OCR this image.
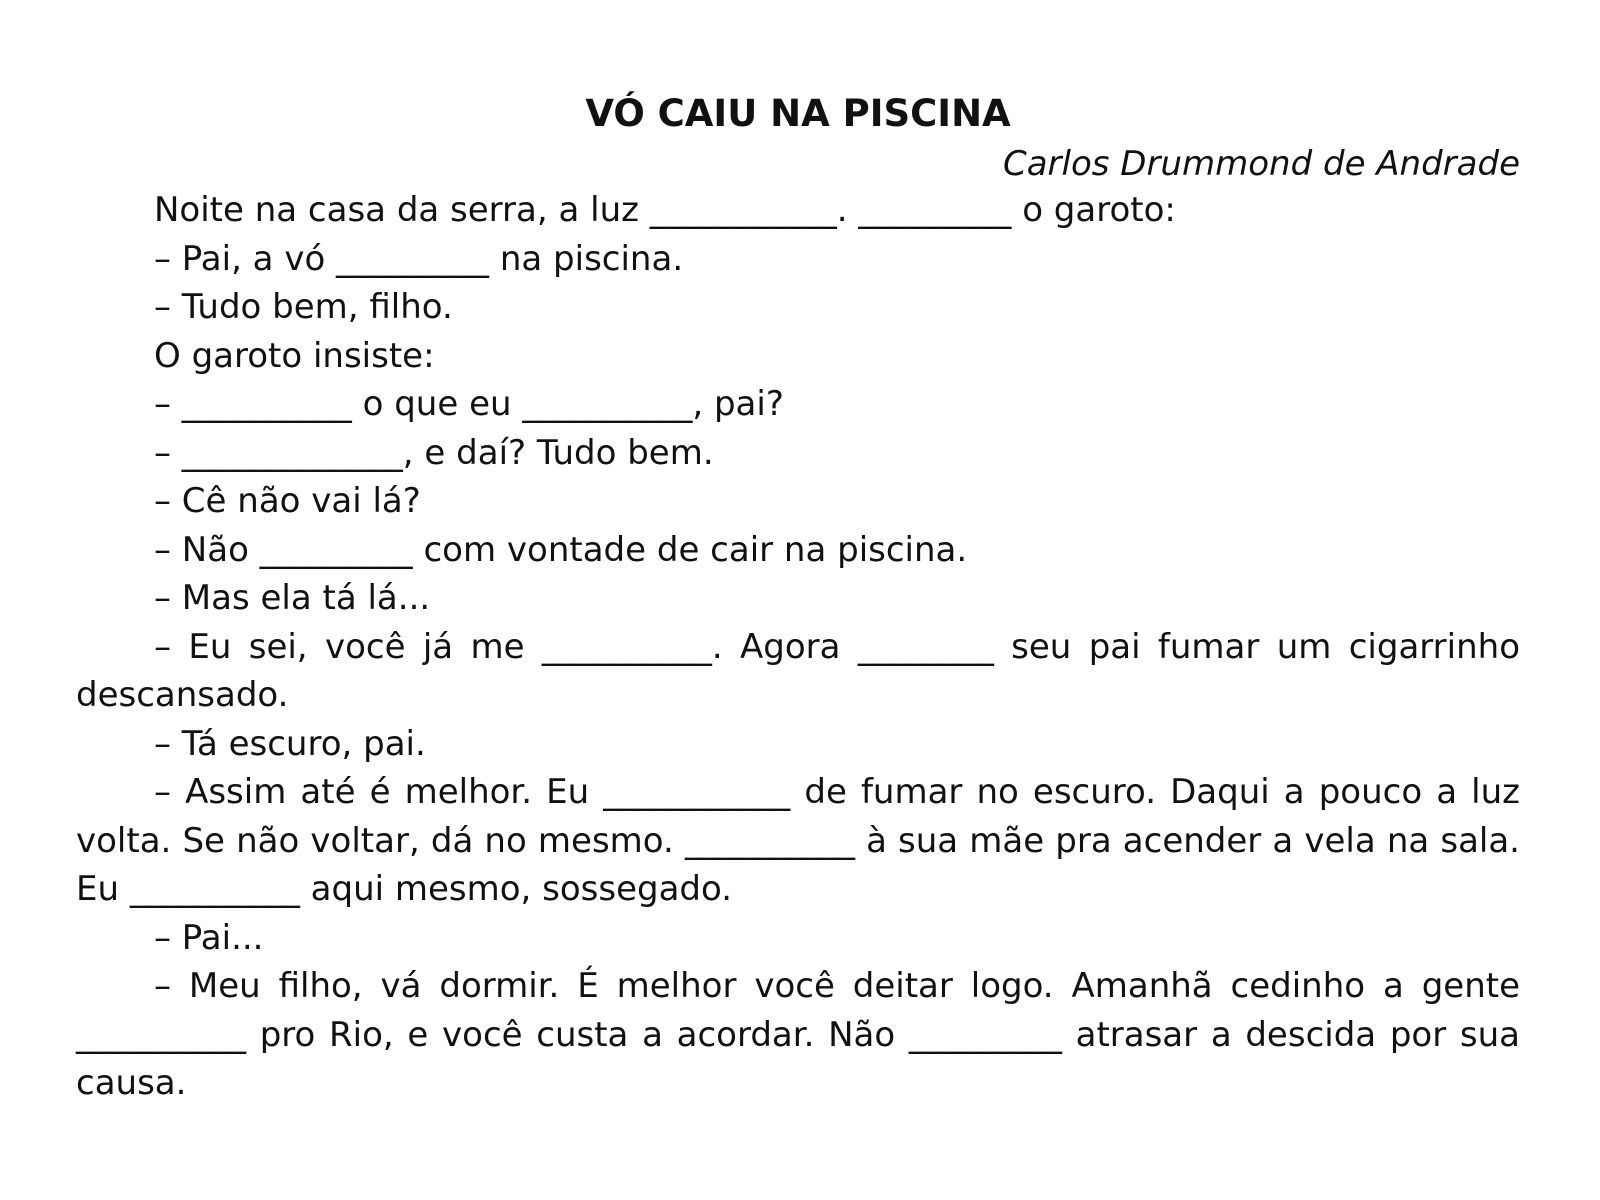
VÓ CAIU NA PISCINA

Carlos Drummond de Andrade

Noite na casa da serra, a luz ___________. _________ o garoto:

– Pai, a vó _________ na piscina.

– Tudo bem, filho.

O garoto insiste:

– __________ o que eu __________, pai?

– _____________, e daí? Tudo bem.

– Cê não vai lá?

– Não _________ com vontade de cair na piscina.

– Mas ela tá lá...

– Eu sei, você já me __________. Agora ________ seu pai fumar um cigarrinho descansado.

– Tá escuro, pai.

– Assim até é melhor. Eu ___________ de fumar no escuro. Daqui a pouco a luz volta. Se não voltar, dá no mesmo. __________ à sua mãe pra acender a vela na sala. Eu __________ aqui mesmo, sossegado.

– Pai...

– Meu filho, vá dormir. É melhor você deitar logo. Amanhã cedinho a gente __________ pro Rio, e você custa a acordar. Não _________ atrasar a descida por sua causa.
